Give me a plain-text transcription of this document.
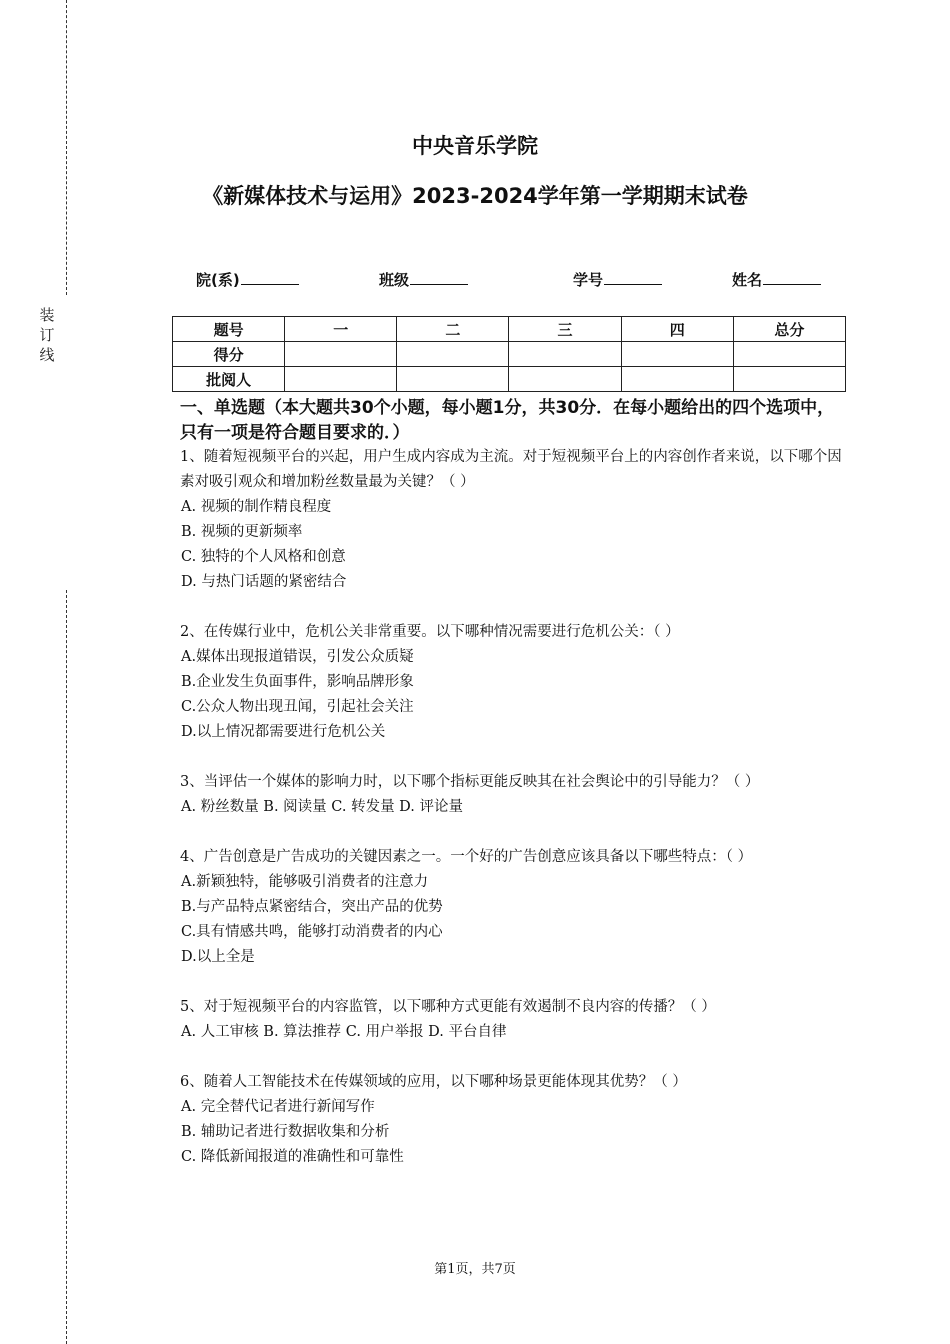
装订线
中央音乐学院
《新媒体技术与运用》2023-2024学年第一学期期末试卷
院(系)	班级	学号	姓名
题号	一	二	三	四	总分
得分					
批阅人					
一、单选题（本大题共30个小题，每小题1分，共30分．在每小题给出的四个选项中，只有一项是符合题目要求的．）

1、随着短视频平台的兴起，用户生成内容成为主流。对于短视频平台上的内容创作者来说，以下哪个因素对吸引观众和增加粉丝数量最为关键？（ ）

A. 视频的制作精良程度

B. 视频的更新频率

C. 独特的个人风格和创意

D. 与热门话题的紧密结合

2、在传媒行业中，危机公关非常重要。以下哪种情况需要进行危机公关：（ ）

A.媒体出现报道错误，引发公众质疑

B.企业发生负面事件，影响品牌形象

C.公众人物出现丑闻，引起社会关注

D.以上情况都需要进行危机公关

3、当评估一个媒体的影响力时，以下哪个指标更能反映其在社会舆论中的引导能力？（ ）

A. 粉丝数量 B. 阅读量 C. 转发量 D. 评论量

4、广告创意是广告成功的关键因素之一。一个好的广告创意应该具备以下哪些特点：（ ）

A.新颖独特，能够吸引消费者的注意力

B.与产品特点紧密结合，突出产品的优势

C.具有情感共鸣，能够打动消费者的内心

D.以上全是

5、对于短视频平台的内容监管，以下哪种方式更能有效遏制不良内容的传播？（ ）

A. 人工审核 B. 算法推荐 C. 用户举报 D. 平台自律

6、随着人工智能技术在传媒领域的应用，以下哪种场景更能体现其优势？（ ）

A. 完全替代记者进行新闻写作

B. 辅助记者进行数据收集和分析

C. 降低新闻报道的准确性和可靠性

第1页，共7页
